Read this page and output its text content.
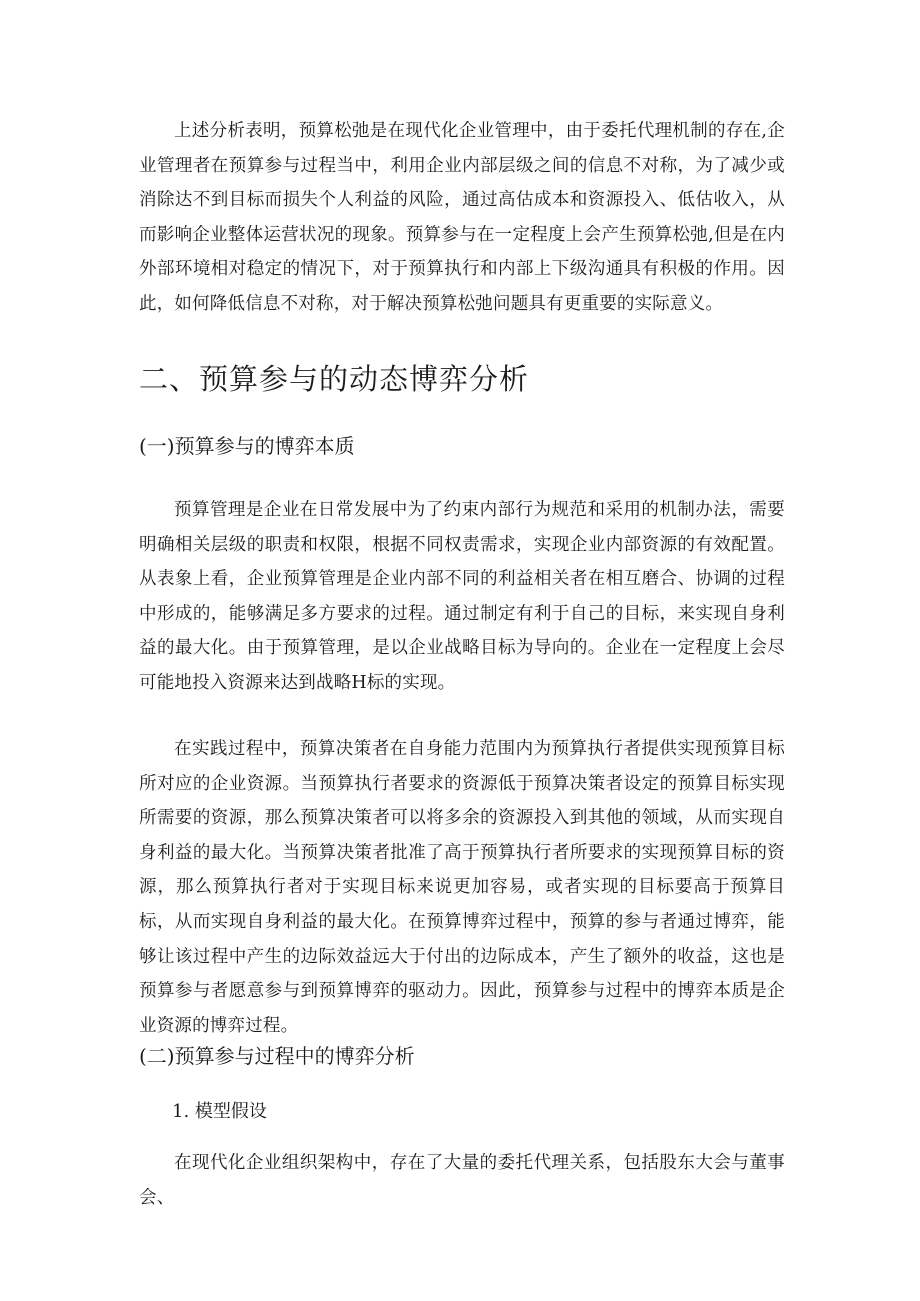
上述分析表明，预算松弛是在现代化企业管理中，由于委托代理机制的存在,企业管理者在预算参与过程当中，利用企业内部层级之间的信息不对称，为了减少或消除达不到目标而损失个人利益的风险，通过高估成本和资源投入、低估收入，从而影响企业整体运营状况的现象。预算参与在一定程度上会产生预算松弛,但是在内外部环境相对稳定的情况下，对于预算执行和内部上下级沟通具有积极的作用。因此，如何降低信息不对称，对于解决预算松弛问题具有更重要的实际意义。

二、预算参与的动态博弈分析
(一)预算参与的博弈本质

预算管理是企业在日常发展中为了约束内部行为规范和采用的机制办法，需要明确相关层级的职责和权限，根据不同权责需求，实现企业内部资源的有效配置。从表象上看，企业预算管理是企业内部不同的利益相关者在相互磨合、协调的过程中形成的，能够满足多方要求的过程。通过制定有利于自己的目标，来实现自身利益的最大化。由于预算管理，是以企业战略目标为导向的。企业在一定程度上会尽可能地投入资源来达到战略H标的实现。

在实践过程中，预算决策者在自身能力范围内为预算执行者提供实现预算目标所对应的企业资源。当预算执行者要求的资源低于预算决策者设定的预算目标实现所需要的资源，那么预算决策者可以将多余的资源投入到其他的领域，从而实现自身利益的最大化。当预算决策者批准了高于预算执行者所要求的实现预算目标的资源，那么预算执行者对于实现目标来说更加容易，或者实现的目标要高于预算目标，从而实现自身利益的最大化。在预算博弈过程中，预算的参与者通过博弈，能够让该过程中产生的边际效益远大于付出的边际成本，产生了额外的收益，这也是预算参与者愿意参与到预算博弈的驱动力。因此，预算参与过程中的博弈本质是企业资源的博弈过程。

(二)预算参与过程中的博弈分析
1. 模型假设

在现代化企业组织架构中，存在了大量的委托代理关系，包括股东大会与董事会、
